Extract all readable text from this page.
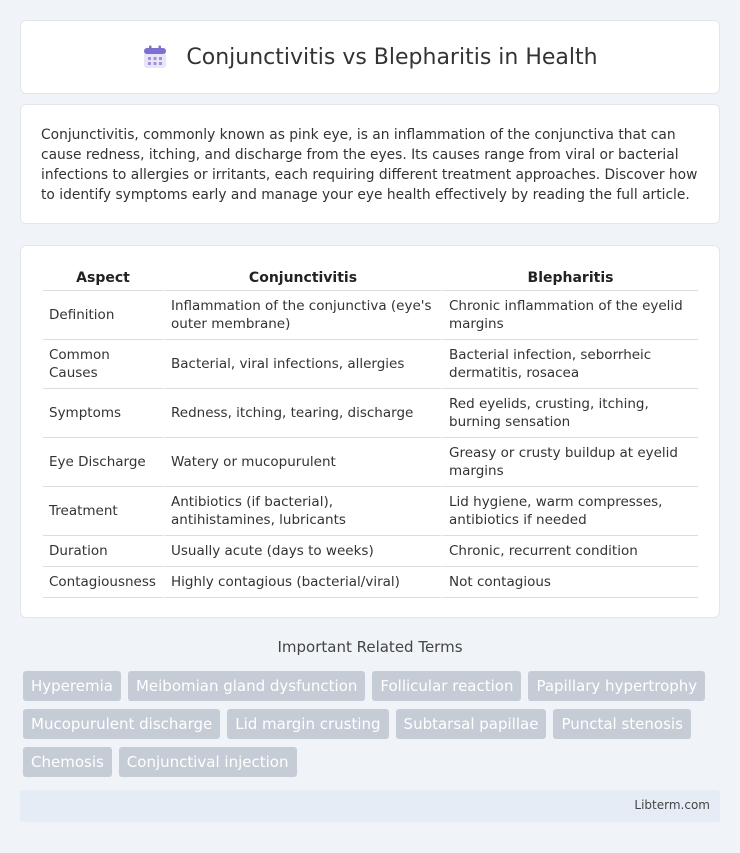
Conjunctivitis vs Blepharitis in Health

Conjunctivitis, commonly known as pink eye, is an inflammation of the conjunctiva that can cause redness, itching, and discharge from the eyes. Its causes range from viral or bacterial infections to allergies or irritants, each requiring different treatment approaches. Discover how to identify symptoms early and manage your eye health effectively by reading the full article.

Aspect	Conjunctivitis	Blepharitis
Definition	Inflammation of the conjunctiva (eye's outer membrane)	Chronic inflammation of the eyelid margins
Common Causes	Bacterial, viral infections, allergies	Bacterial infection, seborrheic dermatitis, rosacea
Symptoms	Redness, itching, tearing, discharge	Red eyelids, crusting, itching, burning sensation
Eye Discharge	Watery or mucopurulent	Greasy or crusty buildup at eyelid margins
Treatment	Antibiotics (if bacterial), antihistamines, lubricants	Lid hygiene, warm compresses, antibiotics if needed
Duration	Usually acute (days to weeks)	Chronic, recurrent condition
Contagiousness	Highly contagious (bacterial/viral)	Not contagious
Important Related Terms
Hyperemia	Meibomian gland dysfunction	Follicular reaction	Papillary hypertrophy
Mucopurulent discharge	Lid margin crusting	Subtarsal papillae	Punctal stenosis
Chemosis	Conjunctival injection
Libterm.com
